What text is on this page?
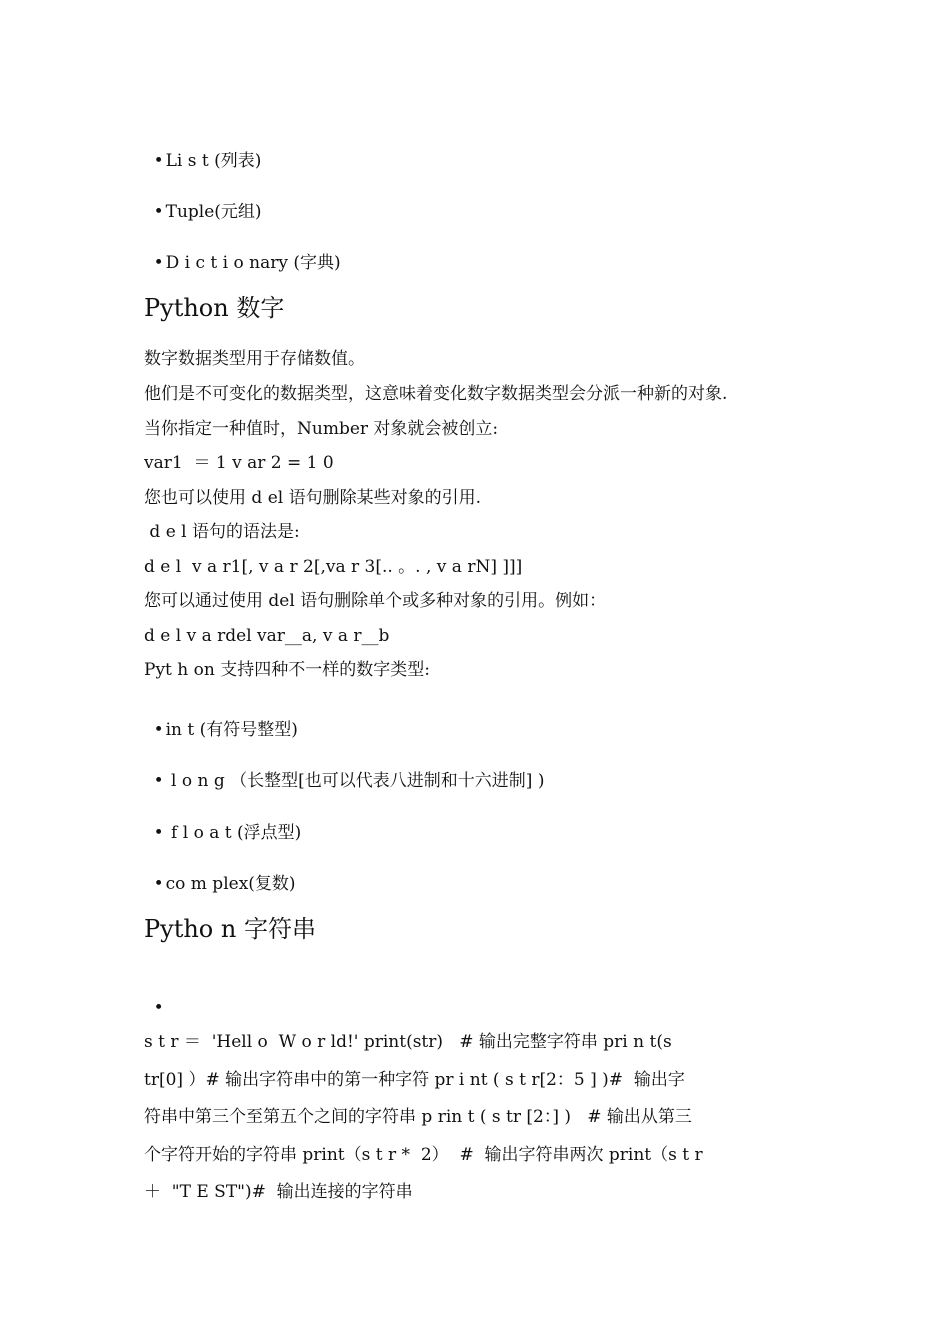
• Li s t (列表)

• Tuple(元组)

• D i c t i o nary (字典)

Python 数字
数字数据类型用于存储数值。
他们是不可变化的数据类型，这意味着变化数字数据类型会分派一种新的对象.
当你指定一种值时，Number 对象就会被创立:
var1  ＝ 1 v ar 2 = 1 0
您也可以使用 d el 语句删除某些对象的引用.
d e l 语句的语法是:
d e l  v a r1[, v a r 2[,va r 3[.. 。. , v a rN] ]]]
您可以通过使用 del 语句删除单个或多种对象的引用。例如：
d e l v a rdel var__a, v a r__b
Pyt h on 支持四种不一样的数字类型:

• in t (有符号整型)

• l o n g （长整型[也可以代表八进制和十六进制] )

• f l o a t (浮点型)

• co m plex(复数)

Pytho n 字符串

•

s t r ＝  'Hell o  W o r ld!' print(str)   # 输出完整字符串 pri n t(s
tr[0] ）# 输出字符串中的第一种字符 pr i nt ( s t r[2：5 ] )#  输出字
符串中第三个至第五个之间的字符串 p rin t ( s tr [2：] )   # 输出从第三
个字符开始的字符串 print（s t r *  2）  #  输出字符串两次 print（s t r
＋  "T E ST")#  输出连接的字符串
